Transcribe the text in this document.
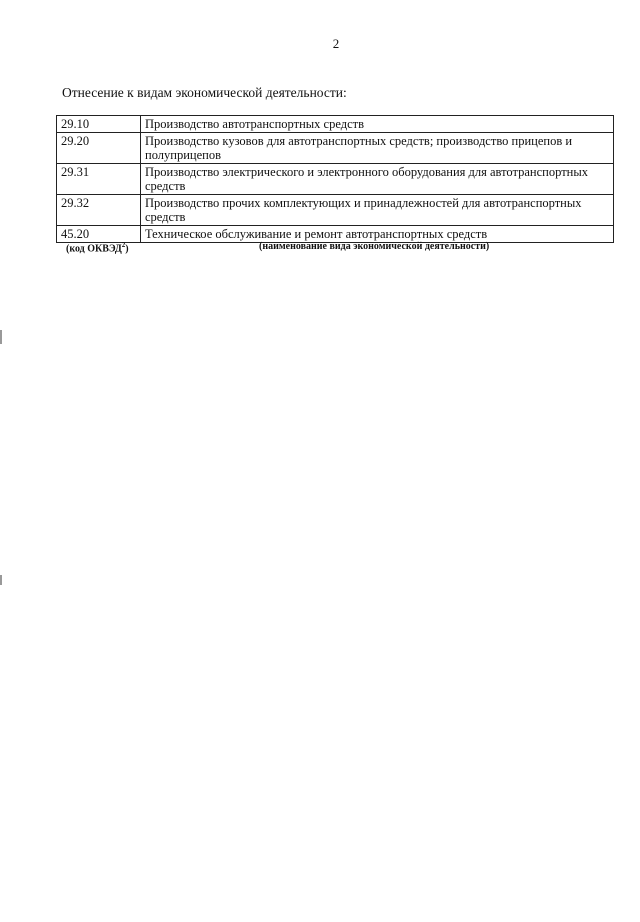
2
Отнесение к видам экономической деятельности:
29.10	Производство автотранспортных средств
29.20	Производство кузовов для автотранспортных средств; производство прицепов и полуприцепов
29.31	Производство электрического и электронного оборудования для автотранспортных средств
29.32	Производство прочих комплектующих и принадлежностей для автотранспортных средств
45.20	Техническое обслуживание и ремонт автотранспортных средств
(код ОКВЭД$^2$)	(наименование вида экономической деятельности)
